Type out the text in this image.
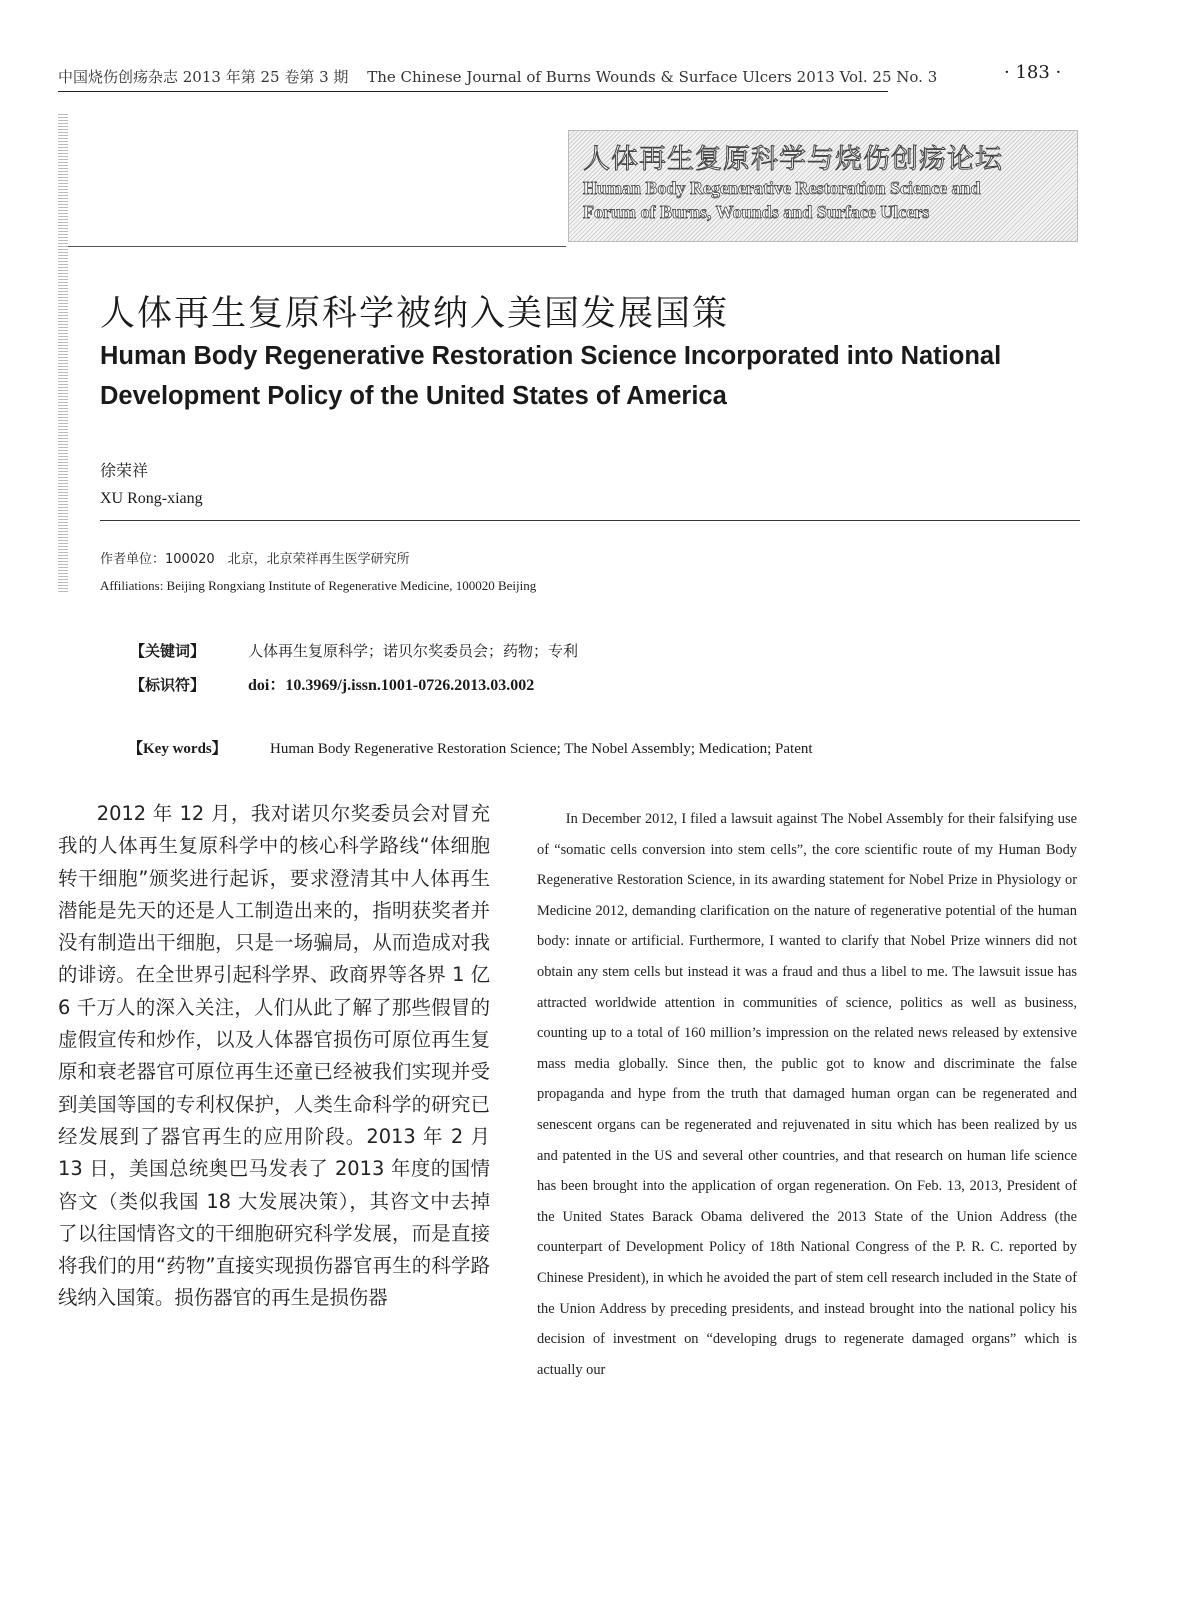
中国烧伤创疡杂志 2013 年第 25 卷第 3 期 The Chinese Journal of Burns Wounds & Surface Ulcers 2013 Vol. 25 No. 3	· 183 ·
人体再生复原科学与烧伤创疡论坛
Human Body Regenerative Restoration Science and
Forum of Burns, Wounds and Surface Ulcers
人体再生复原科学被纳入美国发展国策
Human Body Regenerative Restoration Science Incorporated into National Development Policy of the United States of America
徐荣祥
XU Rong-xiang
作者单位：100020　北京，北京荣祥再生医学研究所
Affiliations: Beijing Rongxiang Institute of Regenerative Medicine, 100020 Beijing
【关键词】	人体再生复原科学；诺贝尔奖委员会；药物；专利
【标识符】	doi：10.3969/j.issn.1001-0726.2013.03.002
【Key words】	Human Body Regenerative Restoration Science; The Nobel Assembly; Medication; Patent

2012 年 12 月，我对诺贝尔奖委员会对冒充我的人体再生复原科学中的核心科学路线“体细胞转干细胞”颁奖进行起诉，要求澄清其中人体再生潜能是先天的还是人工制造出来的，指明获奖者并没有制造出干细胞，只是一场骗局，从而造成对我的诽谤。在全世界引起科学界、政商界等各界 1 亿 6 千万人的深入关注，人们从此了解了那些假冒的虚假宣传和炒作，以及人体器官损伤可原位再生复原和衰老器官可原位再生还童已经被我们实现并受到美国等国的专利权保护，人类生命科学的研究已经发展到了器官再生的应用阶段。2013 年 2 月 13 日，美国总统奥巴马发表了 2013 年度的国情咨文（类似我国 18 大发展决策），其咨文中去掉了以往国情咨文的干细胞研究科学发展，而是直接将我们的用“药物”直接实现损伤器官再生的科学路线纳入国策。损伤器官的再生是损伤器

In December 2012, I filed a lawsuit against The Nobel Assembly for their falsifying use of “somatic cells conversion into stem cells”, the core scientific route of my Human Body Regenerative Restoration Science, in its awarding statement for Nobel Prize in Physiology or Medicine 2012, demanding clarification on the nature of regenerative potential of the human body: innate or artificial. Furthermore, I wanted to clarify that Nobel Prize winners did not obtain any stem cells but instead it was a fraud and thus a libel to me. The lawsuit issue has attracted worldwide attention in communities of science, politics as well as business, counting up to a total of 160 million’s impression on the related news released by extensive mass media globally. Since then, the public got to know and discriminate the false propaganda and hype from the truth that damaged human organ can be regenerated and senescent organs can be regenerated and rejuvenated in situ which has been realized by us and patented in the US and several other countries, and that research on human life science has been brought into the application of organ regeneration. On Feb. 13, 2013, President of the United States Barack Obama delivered the 2013 State of the Union Address (the counterpart of Development Policy of 18th National Congress of the P. R. C. reported by Chinese President), in which he avoided the part of stem cell research included in the State of the Union Address by preceding presidents, and instead brought into the national policy his decision of investment on “developing drugs to regenerate damaged organs” which is actually our
